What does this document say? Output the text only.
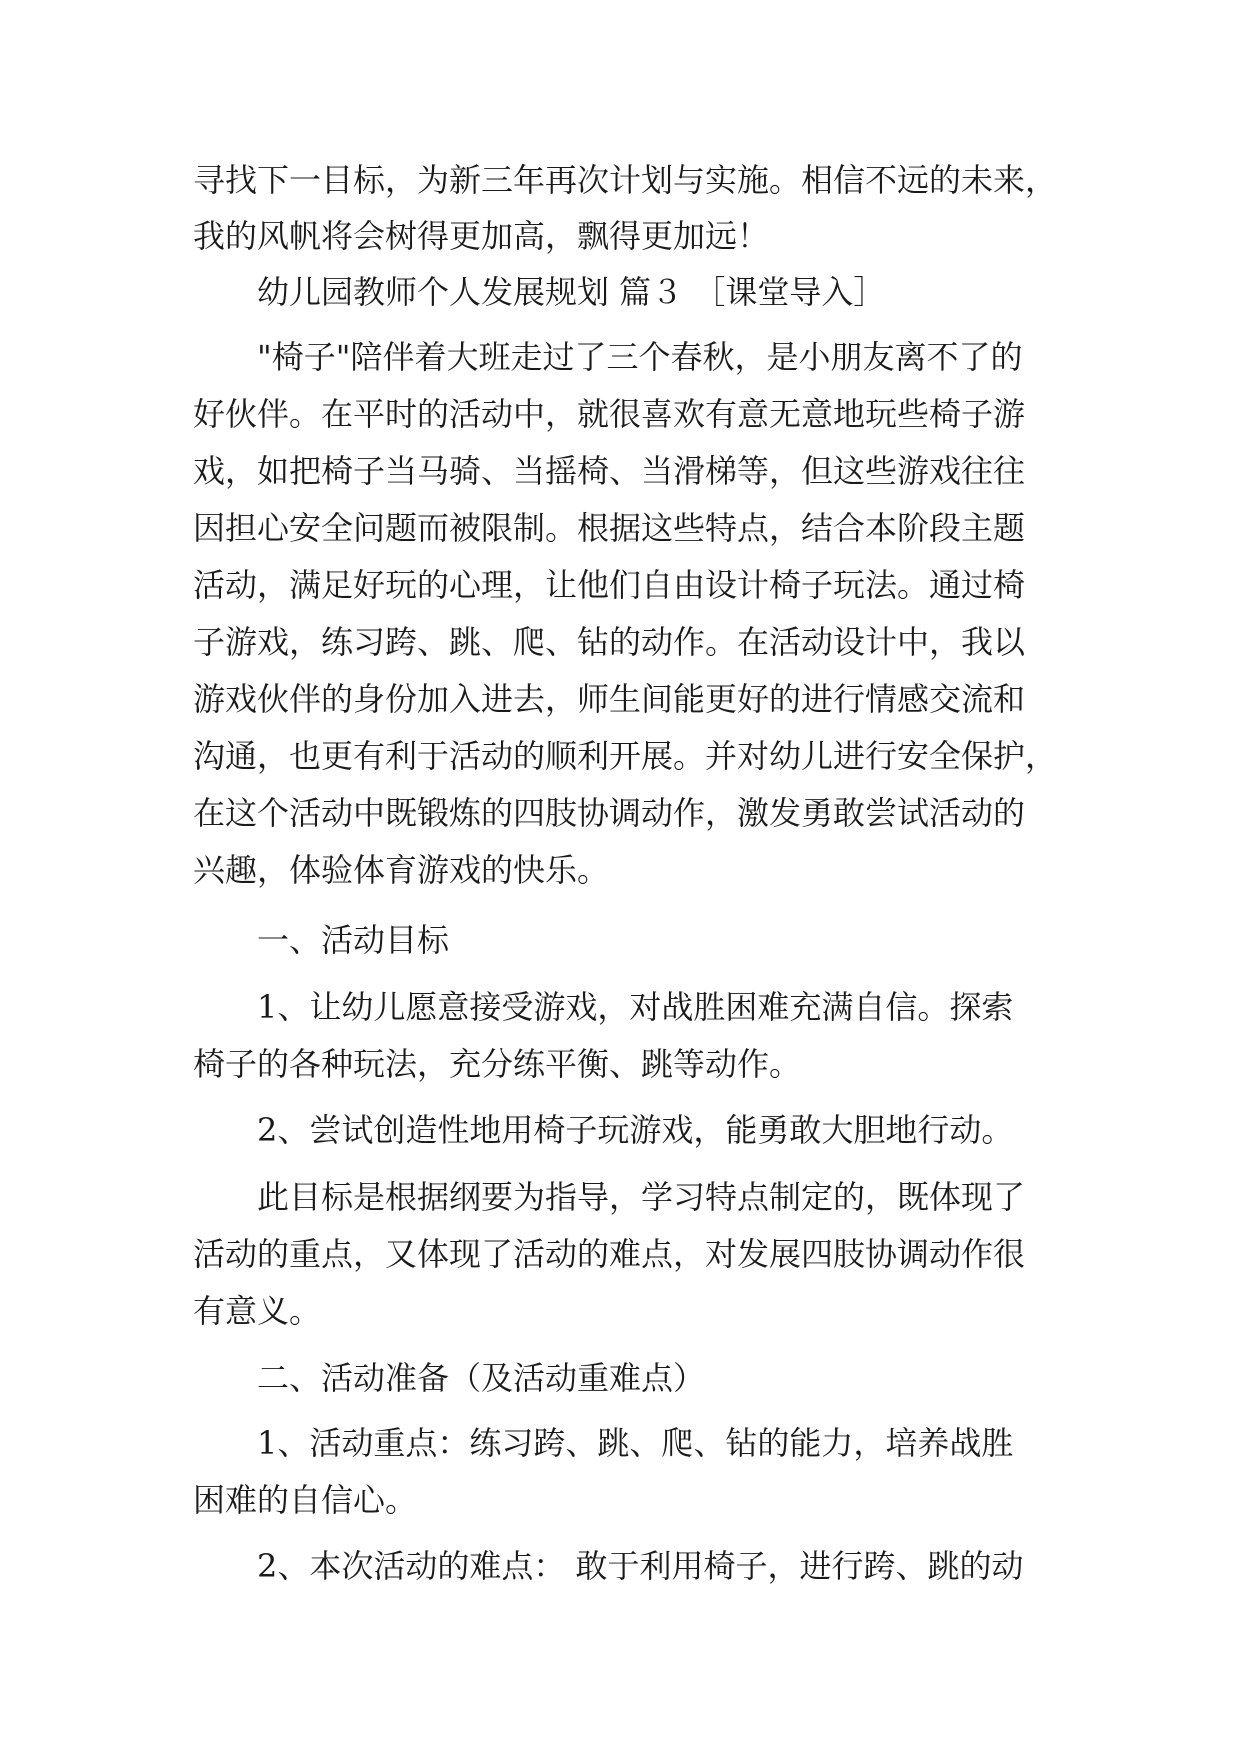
寻找下一目标，为新三年再次计划与实施。相信不远的未来，
我的风帆将会树得更加高，飘得更加远！
幼儿园教师个人发展规划 篇３ ［课堂导入］
"椅子"陪伴着大班走过了三个春秋，是小朋友离不了的
好伙伴。在平时的活动中，就很喜欢有意无意地玩些椅子游
戏，如把椅子当马骑、当摇椅、当滑梯等，但这些游戏往往
因担心安全问题而被限制。根据这些特点，结合本阶段主题
活动，满足好玩的心理，让他们自由设计椅子玩法。通过椅
子游戏，练习跨、跳、爬、钻的动作。在活动设计中，我以
游戏伙伴的身份加入进去，师生间能更好的进行情感交流和
沟通，也更有利于活动的顺利开展。并对幼儿进行安全保护，
在这个活动中既锻炼的四肢协调动作，激发勇敢尝试活动的
兴趣，体验体育游戏的快乐。
一、活动目标
1、让幼儿愿意接受游戏，对战胜困难充满自信。探索
椅子的各种玩法，充分练平衡、跳等动作。
2、尝试创造性地用椅子玩游戏，能勇敢大胆地行动。
此目标是根据纲要为指导，学习特点制定的，既体现了
活动的重点，又体现了活动的难点，对发展四肢协调动作很
有意义。
二、活动准备（及活动重难点）
1、活动重点：练习跨、跳、爬、钻的能力，培养战胜
困难的自信心。
2、本次活动的难点： 敢于利用椅子，进行跨、跳的动
